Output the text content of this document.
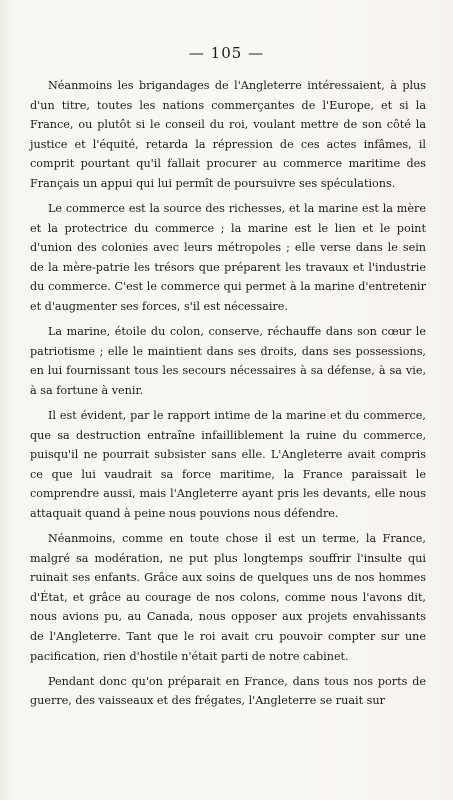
— 105 —

Néanmoins les brigandages de l'Angleterre intéressaient, à plus d'un titre, toutes les nations commerçantes de l'Europe, et si la France, ou plutôt si le conseil du roi, voulant mettre de son côté la justice et l'équité, retarda la répression de ces actes infâmes, il comprit pourtant qu'il fallait procurer au commerce maritime des Français un appui qui lui permît de poursuivre ses spéculations.

Le commerce est la source des richesses, et la marine est la mère et la protectrice du commerce ; la marine est le lien et le point d'union des colonies avec leurs métropoles ; elle verse dans le sein de la mère-patrie les trésors que préparent les travaux et l'industrie du commerce. C'est le commerce qui permet à la marine d'entretenir et d'augmenter ses forces, s'il est nécessaire.

La marine, étoile du colon, conserve, réchauffe dans son cœur le patriotisme ; elle le maintient dans ses droits, dans ses possessions, en lui fournissant tous les secours nécessaires à sa défense, à sa vie, à sa fortune à venir.

Il est évident, par le rapport intime de la marine et du commerce, que sa destruction entraîne infailliblement la ruine du commerce, puisqu'il ne pourrait subsister sans elle. L'Angleterre avait compris ce que lui vaudrait sa force maritime, la France paraissait le comprendre aussi, mais l'Angleterre ayant pris les devants, elle nous attaquait quand à peine nous pouvions nous défendre.

Néanmoins, comme en toute chose il est un terme, la France, malgré sa modération, ne put plus longtemps souffrir l'insulte qui ruinait ses enfants. Grâce aux soins de quelques uns de nos hommes d'État, et grâce au courage de nos colons, comme nous l'avons dit, nous avions pu, au Canada, nous opposer aux projets envahissants de l'Angleterre. Tant que le roi avait cru pouvoir compter sur une pacification, rien d'hostile n'était parti de notre cabinet.

Pendant donc qu'on préparait en France, dans tous nos ports de guerre, des vaisseaux et des frégates, l'Angleterre se ruait sur
